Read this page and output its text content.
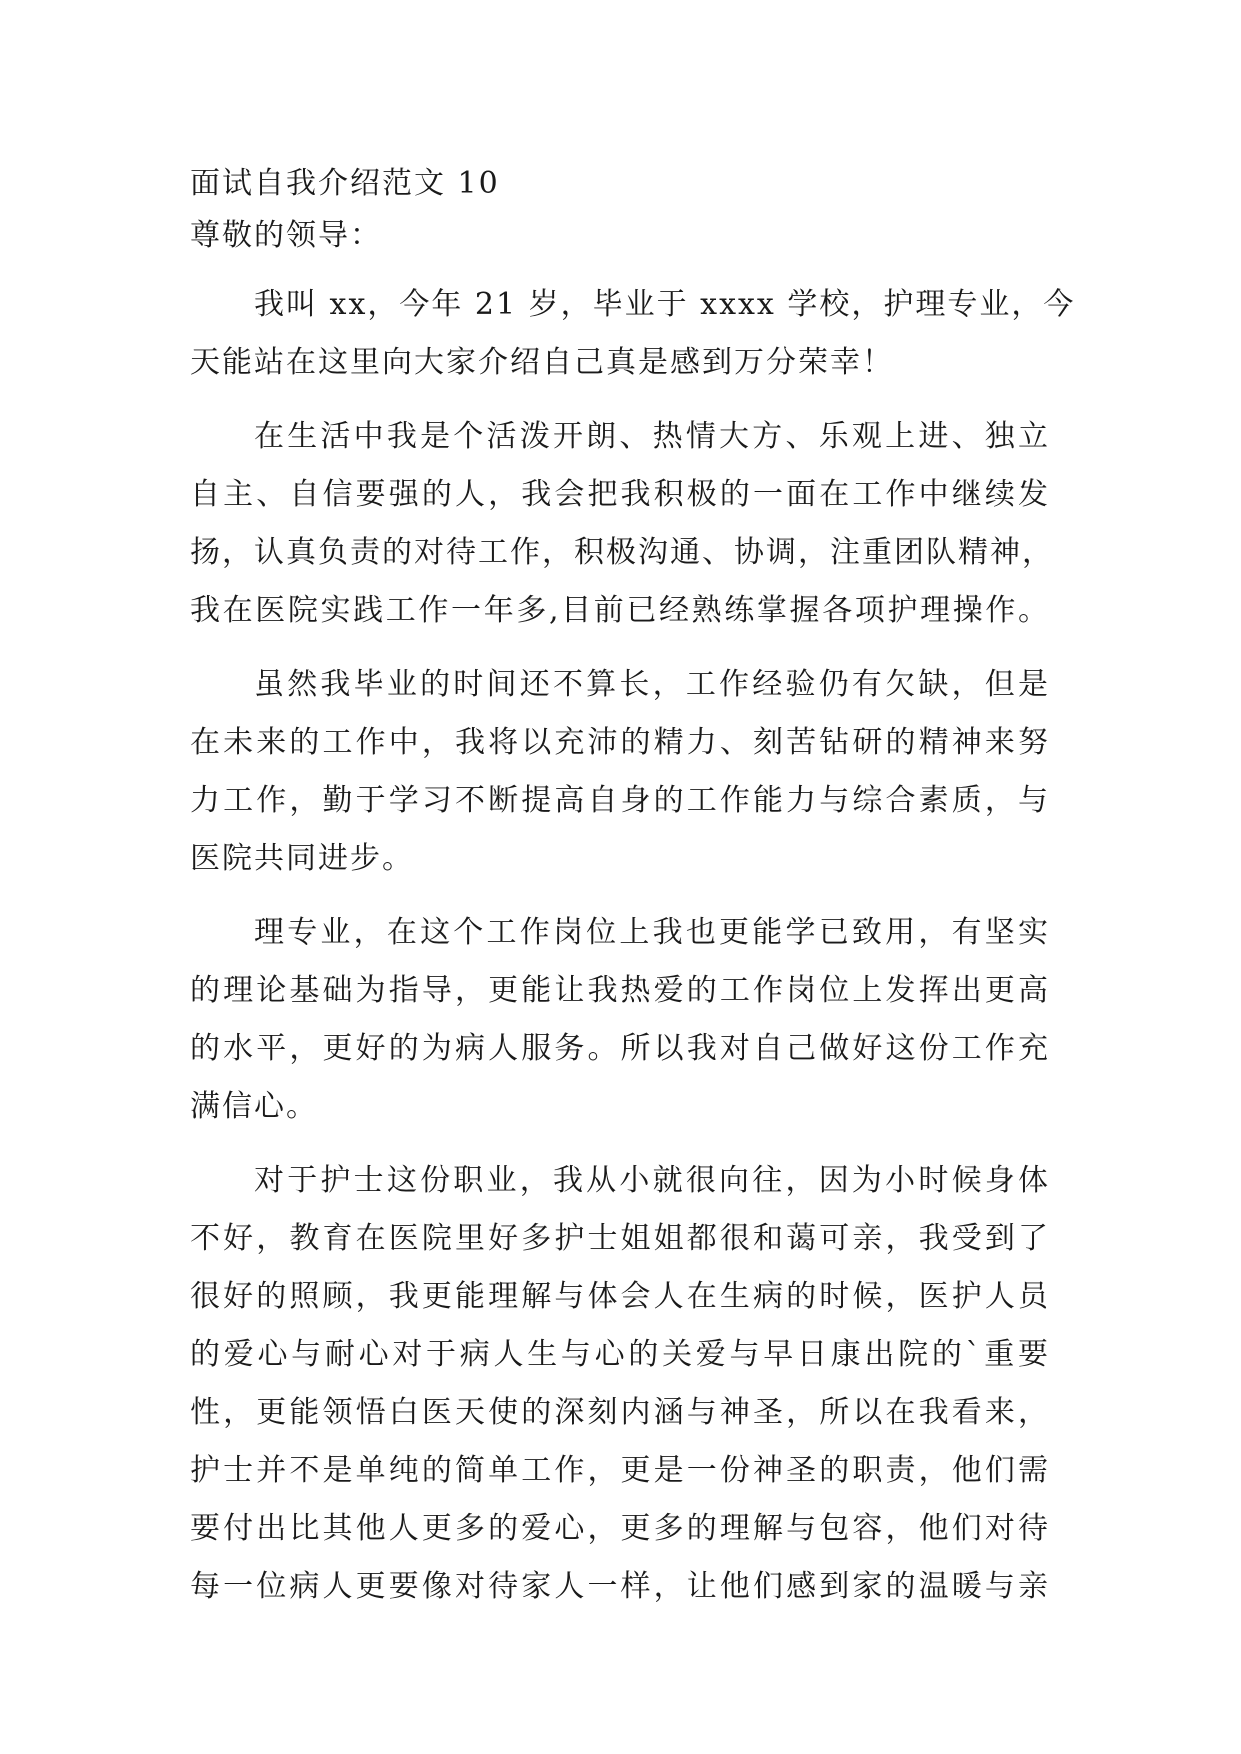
面试自我介绍范文 10

尊敬的领导：

我叫 xx，今年 21 岁，毕业于 xxxx 学校，护理专业，今
天能站在这里向大家介绍自己真是感到万分荣幸！
在生活中我是个活泼开朗、热情大方、乐观上进、独立
自主、自信要强的人，我会把我积极的一面在工作中继续发
扬，认真负责的对待工作，积极沟通、协调，注重团队精神，
我在医院实践工作一年多,目前已经熟练掌握各项护理操作。
虽然我毕业的时间还不算长，工作经验仍有欠缺，但是
在未来的工作中，我将以充沛的精力、刻苦钻研的精神来努
力工作，勤于学习不断提高自身的工作能力与综合素质，与
医院共同进步。
理专业，在这个工作岗位上我也更能学已致用，有坚实
的理论基础为指导，更能让我热爱的工作岗位上发挥出更高
的水平，更好的为病人服务。所以我对自己做好这份工作充
满信心。
对于护士这份职业，我从小就很向往，因为小时候身体
不好，教育在医院里好多护士姐姐都很和蔼可亲，我受到了
很好的照顾，我更能理解与体会人在生病的时候，医护人员
的爱心与耐心对于病人生与心的关爱与早日康出院的`重要
性，更能领悟白医天使的深刻内涵与神圣，所以在我看来，
护士并不是单纯的简单工作，更是一份神圣的职责，他们需
要付出比其他人更多的爱心，更多的理解与包容，他们对待
每一位病人更要像对待家人一样，让他们感到家的温暖与亲
